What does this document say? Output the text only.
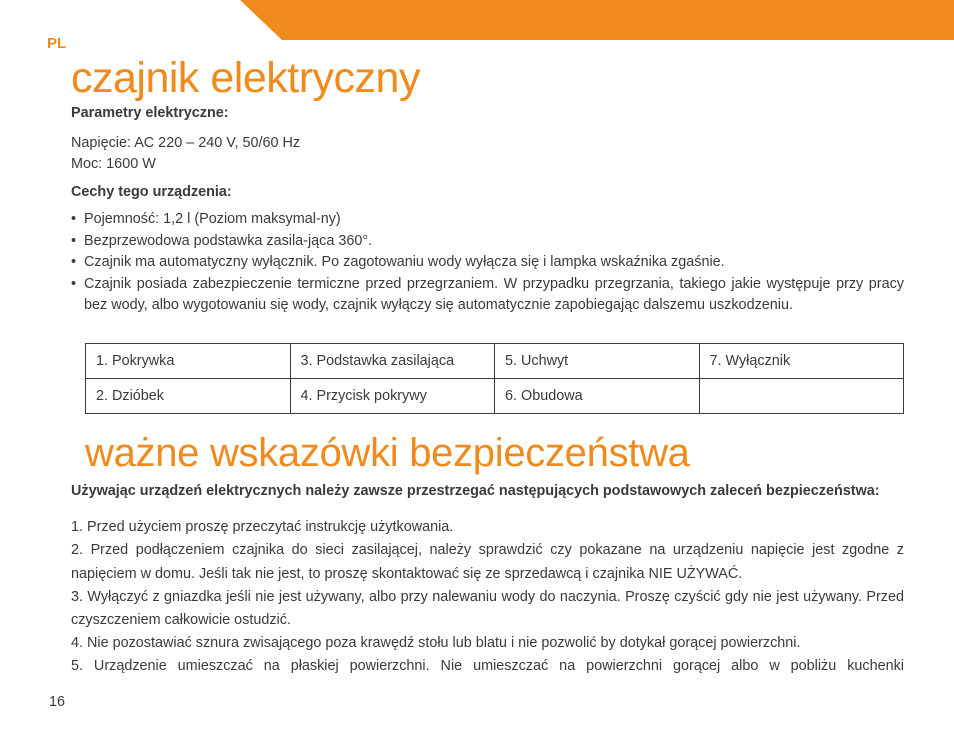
PL
czajnik elektryczny

Parametry elektryczne:

Napięcie: AC 220 – 240 V, 50/60 Hz

Moc: 1600 W

Cechy tego urządzenia:

• Pojemność: 1,2 l (Poziom maksymal-ny)
• Bezprzewodowa podstawka zasila-jąca 360°.
• Czajnik ma automatyczny wyłącznik. Po zagotowaniu wody wyłącza się i lampka wskaźnika zgaśnie.
• Czajnik posiada zabezpieczenie termiczne przed przegrzaniem. W przypadku przegrzania, takiego jakie występuje przy pracy bez wody, albo wygotowaniu się wody, czajnik wyłączy się automatycznie zapobiegając dalszemu uszkodzeniu.
1. Pokrywka	3. Podstawka zasilająca	5. Uchwyt	7. Wyłącznik
2. Dzióbek	4. Przycisk pokrywy	6. Obudowa	
ważne wskazówki bezpieczeństwa

Używając urządzeń elektrycznych należy zawsze przestrzegać następujących podstawowych zaleceń bezpieczeństwa:

1. Przed użyciem proszę przeczytać instrukcję użytkowania.

2. Przed podłączeniem czajnika do sieci zasilającej, należy sprawdzić czy pokazane na urządzeniu napięcie jest zgodne z napięciem w domu. Jeśli tak nie jest, to proszę skontaktować się ze sprzedawcą i czajnika NIE UŻYWAĆ.

3. Wyłączyć z gniazdka jeśli nie jest używany, albo przy nalewaniu wody do naczynia. Proszę czyścić gdy nie jest używany. Przed czyszczeniem całkowicie ostudzić.

4. Nie pozostawiać sznura zwisającego poza krawędź stołu lub blatu i nie pozwolić by dotykał gorącej powierzchni.

5. Urządzenie umieszczać na płaskiej powierzchni. Nie umieszczać na powierzchni gorącej albo w pobliżu kuchenki

16
